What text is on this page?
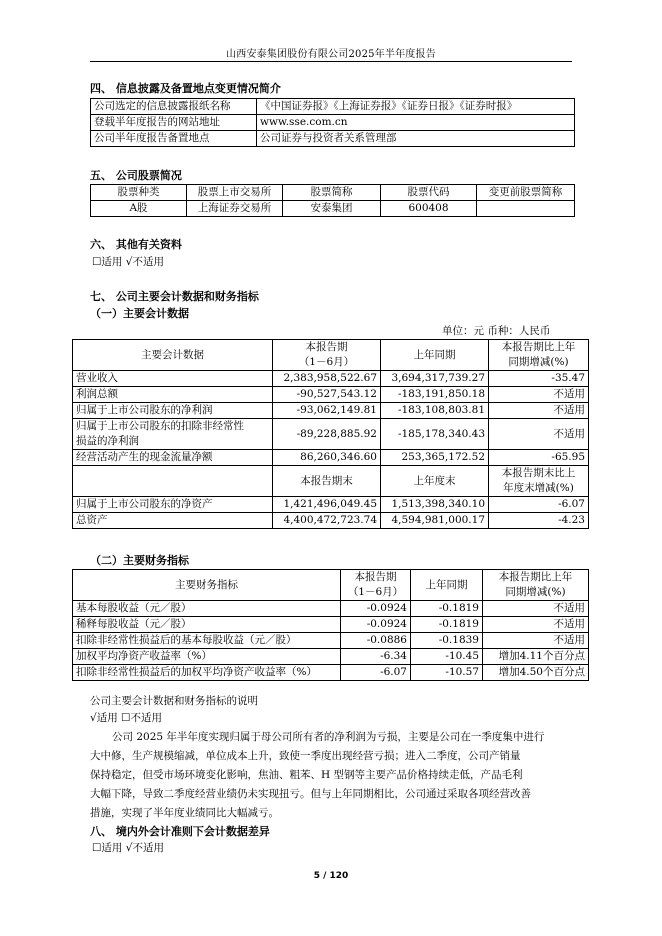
山西安泰集团股份有限公司2025年半年度报告
四、 信息披露及备置地点变更情况简介
公司选定的信息披露报纸名称	《中国证券报》《上海证券报》《证券日报》《证券时报》
登载半年度报告的网站地址	www.sse.com.cn
公司半年度报告备置地点	公司证券与投资者关系管理部
五、 公司股票简况
股票种类	股票上市交易所	股票简称	股票代码	变更前股票简称
A股	上海证券交易所	安泰集团	600408	
六、 其他有关资料
☐适用 √不适用
七、 公司主要会计数据和财务指标
（一）主要会计数据
单位：元 币种：人民币
主要会计数据	本报告期
（1－6月）	上年同期	本报告期比上年
同期增减(%)
营业收入	2,383,958,522.67	3,694,317,739.27	-35.47
利润总额	-90,527,543.12	-183,191,850.18	不适用
归属于上市公司股东的净利润	-93,062,149.81	-183,108,803.81	不适用
归属于上市公司股东的扣除非经常性
损益的净利润	-89,228,885.92	-185,178,340.43	不适用
经营活动产生的现金流量净额	86,260,346.60	253,365,172.52	-65.95
	本报告期末	上年度末	本报告期末比上
年度末增减(%)
归属于上市公司股东的净资产	1,421,496,049.45	1,513,398,340.10	-6.07
总资产	4,400,472,723.74	4,594,981,000.17	-4.23
（二）主要财务指标
主要财务指标	本报告期
（1－6月）	上年同期	本报告期比上年
同期增减(%)
基本每股收益（元／股）	-0.0924	-0.1819	不适用
稀释每股收益（元／股）	-0.0924	-0.1819	不适用
扣除非经常性损益后的基本每股收益（元／股）	-0.0886	-0.1839	不适用
加权平均净资产收益率（%）	-6.34	-10.45	增加4.11个百分点
扣除非经常性损益后的加权平均净资产收益率（%）	-6.07	-10.57	增加4.50个百分点
公司主要会计数据和财务指标的说明
√适用 ☐不适用
公司 2025 年半年度实现归属于母公司所有者的净利润为亏损，主要是公司在一季度集中进行
大中修，生产规模缩减，单位成本上升，致使一季度出现经营亏损；进入二季度，公司产销量
保持稳定，但受市场环境变化影响，焦油、粗苯、H 型钢等主要产品价格持续走低，产品毛利
大幅下降，导致二季度经营业绩仍未实现扭亏。但与上年同期相比，公司通过采取各项经营改善
措施，实现了半年度业绩同比大幅减亏。
八、 境内外会计准则下会计数据差异
☐适用 √不适用
5 / 120
